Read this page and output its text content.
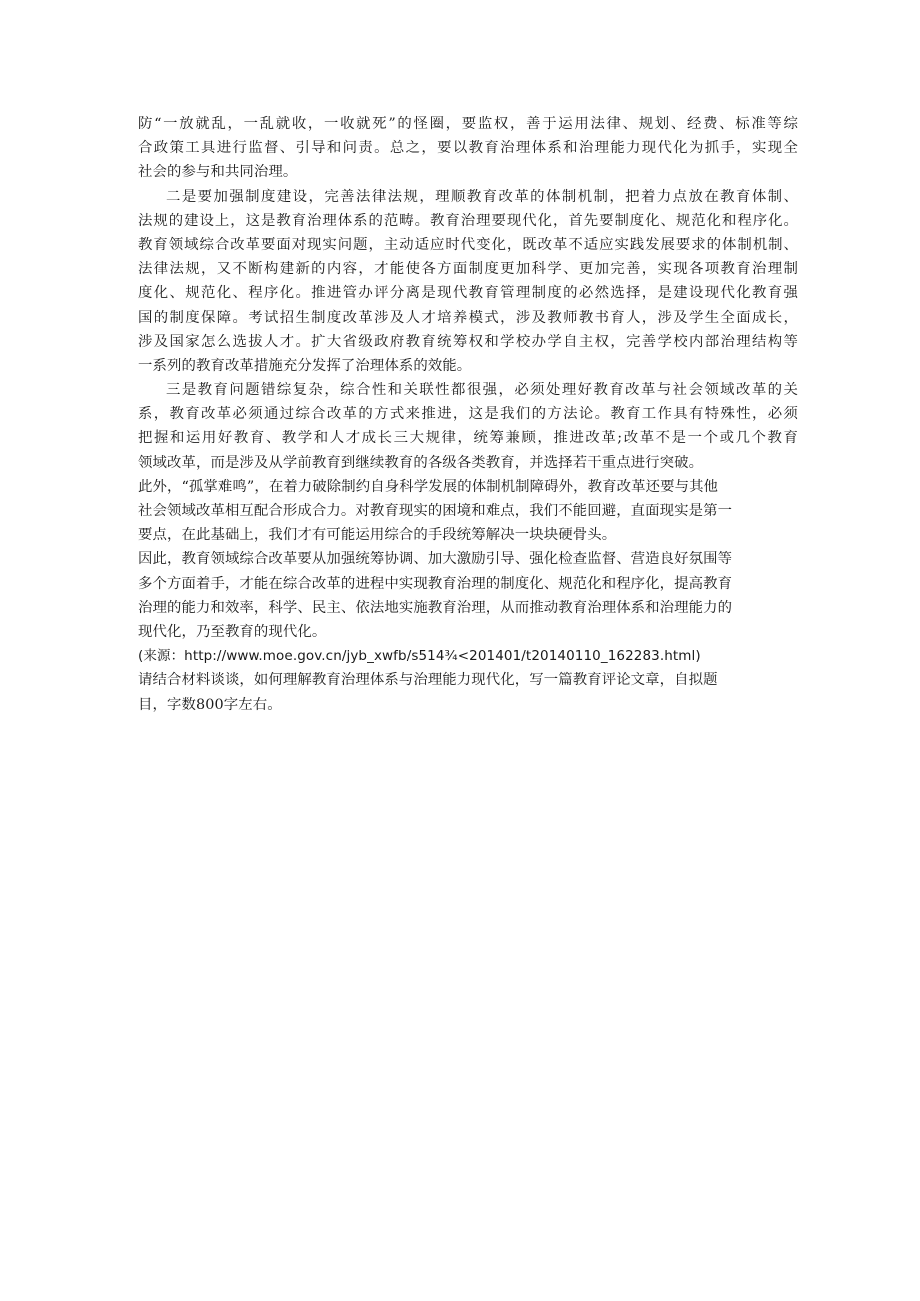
防“一放就乱，一乱就收，一收就死”的怪圈，要监权，善于运用法律、规划、经费、标准等综
合政策工具进行监督、引导和问责。总之，要以教育治理体系和治理能力现代化为抓手，实现全
社会的参与和共同治理。
二是要加强制度建设，完善法律法规，理顺教育改革的体制机制，把着力点放在教育体制、
法规的建设上，这是教育治理体系的范畴。教育治理要现代化，首先要制度化、规范化和程序化。
教育领域综合改革要面对现实问题，主动适应时代变化，既改革不适应实践发展要求的体制机制、
法律法规，又不断构建新的内容，才能使各方面制度更加科学、更加完善，实现各项教育治理制
度化、规范化、程序化。推进管办评分离是现代教育管理制度的必然选择，是建设现代化教育强
国的制度保障。考试招生制度改革涉及人才培养模式，涉及教师教书育人，涉及学生全面成长，
涉及国家怎么选拔人才。扩大省级政府教育统筹权和学校办学自主权，完善学校内部治理结构等
一系列的教育改革措施充分发挥了治理体系的效能。
三是教育问题错综复杂，综合性和关联性都很强，必须处理好教育改革与社会领域改革的关
系，教育改革必须通过综合改革的方式来推进，这是我们的方法论。教育工作具有特殊性，必须
把握和运用好教育、教学和人才成长三大规律，统筹兼顾，推进改革;改革不是一个或几个教育
领域改革，而是涉及从学前教育到继续教育的各级各类教育，并选择若干重点进行突破。
此外，“孤掌难鸣”，在着力破除制约自身科学发展的体制机制障碍外，教育改革还要与其他
社会领域改革相互配合形成合力。对教育现实的困境和难点，我们不能回避，直面现实是第一
要点，在此基础上，我们才有可能运用综合的手段统筹解决一块块硬骨头。
因此，教育领域综合改革要从加强统筹协调、加大激励引导、强化检查监督、营造良好氛围等
多个方面着手，才能在综合改革的进程中实现教育治理的制度化、规范化和程序化，提高教育
治理的能力和效率，科学、民主、依法地实施教育治理，从而推动教育治理体系和治理能力的
现代化，乃至教育的现代化。
(来源：http://www.moe.gov.cn/jyb_xwfb/s514¾<201401/t20140110_162283.html)
请结合材料谈谈，如何理解教育治理体系与治理能力现代化，写一篇教育评论文章，自拟题
目，字数800字左右。
